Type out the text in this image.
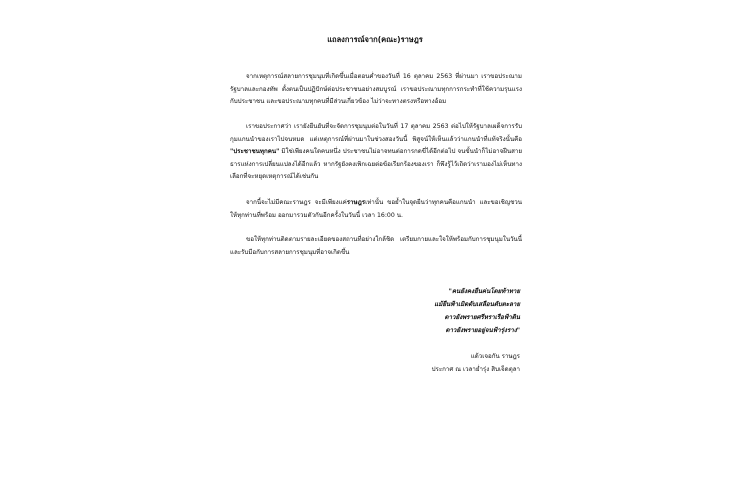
แถลงการณ์จาก(คณะ)ราษฎร

จากเหตุการณ์สลายการชุมนุมที่เกิดขึ้นเมื่อตอนค่ำของวันที่ 16 ตุลาคม 2563 ที่ผ่านมา เราขอประณามรัฐบาลและกองทัพ ตั้งตนเป็นปฏิปักษ์ต่อประชาชนอย่างสมบูรณ์ เราขอประณามทุกการกระทำที่ใช้ความรุนแรงกับประชาชน และขอประณามทุกคนที่มีส่วนเกี่ยวข้อง ไม่ว่าจะทางตรงหรือทางอ้อม

เราขอประกาศว่า เรายังยืนยันที่จะจัดการชุมนุมต่อในวันที่ 17 ตุลาคม 2563 ต่อไปให้รัฐบาลเผด็จการรับกุมแกนนำของเราไปจนหมด แต่เหตุการณ์ที่ผ่านมาในช่วงสองวันนี้ พิสูจน์ให้เห็นแล้วว่าแกนนำที่แท้จริงนั้นคือ "ประชาชนทุกคน" มิใช่เพียงคนใดคนหนึ่ง ประชาชนไม่อาจทนต่อการกดขี่ได้อีกต่อไป จนขั้นนำก็ไม่อาจฝืนสายธารแห่งการเปลี่ยนแปลงได้อีกแล้ว หากรัฐยังคงเพิกเฉยต่อข้อเรียกร้องของเรา ก็พึงรู้ไว้เถิดว่าเรามองไม่เห็นทางเลือกที่จะหยุดเหตุการณ์ได้เช่นกัน

จากนี้จะไม่มีคณะราษฎร จะมีเพียงแค่ราษฎรเท่านั้น ขอย้ำในจุดยืนว่าทุกคนคือแกนนำ และขอเชิญชวนให้ทุกท่านที่พร้อม ออกมารวมตัวกันอีกครั้งในวันนี้ เวลา 16:00 น.

ขอให้ทุกท่านติดตามรายละเอียดของสถานที่อย่างใกล้ชิด เตรียมกายและใจให้พร้อมกับการชุมนุมในวันนี้ และรับมือกับการสลายการชุมนุมที่อาจเกิดขึ้น

"คนยังคงยืนค่นโดยท้าทาย
แม้ยืนฟ้าเมิดดับเสลือนดับตะลาย
ดาวยังพรายศรีหราเรือฟ้าดิน
ดาวยังพรายอยู่จนฟ้ารุ่งราง"
แด้วเจอกัน ราษฎร
ประกาศ ณ เวลาย่ำรุ่ง สิบเจ็ดตุลา
